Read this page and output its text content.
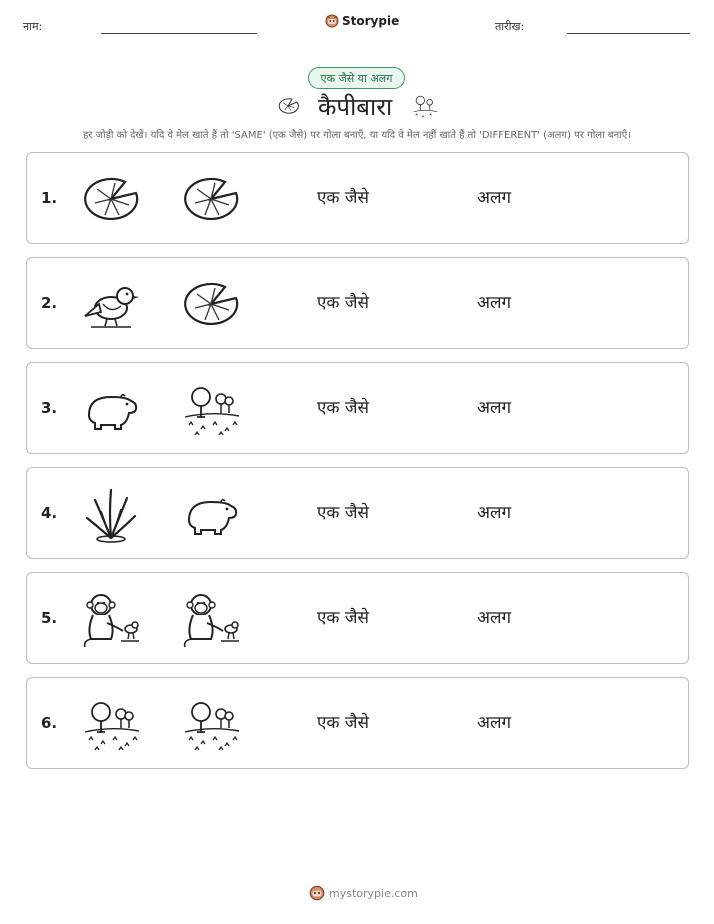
नाम:	Storypie	तारीख:
एक जैसे या अलग
कैपीबारा
हर जोड़ी को देखें। यदि वे मेल खाते हैं तो 'SAME' (एक जैसे) पर गोला बनाएँ, या यदि वे मेल नहीं खाते हैं तो 'DIFFERENT' (अलग) पर गोला बनाएँ।
1.	एक जैसे	अलग
2.	एक जैसे	अलग
3.	एक जैसे	अलग
4.	एक जैसे	अलग
5.	एक जैसे	अलग
6.	एक जैसे	अलग
mystorypie.com
